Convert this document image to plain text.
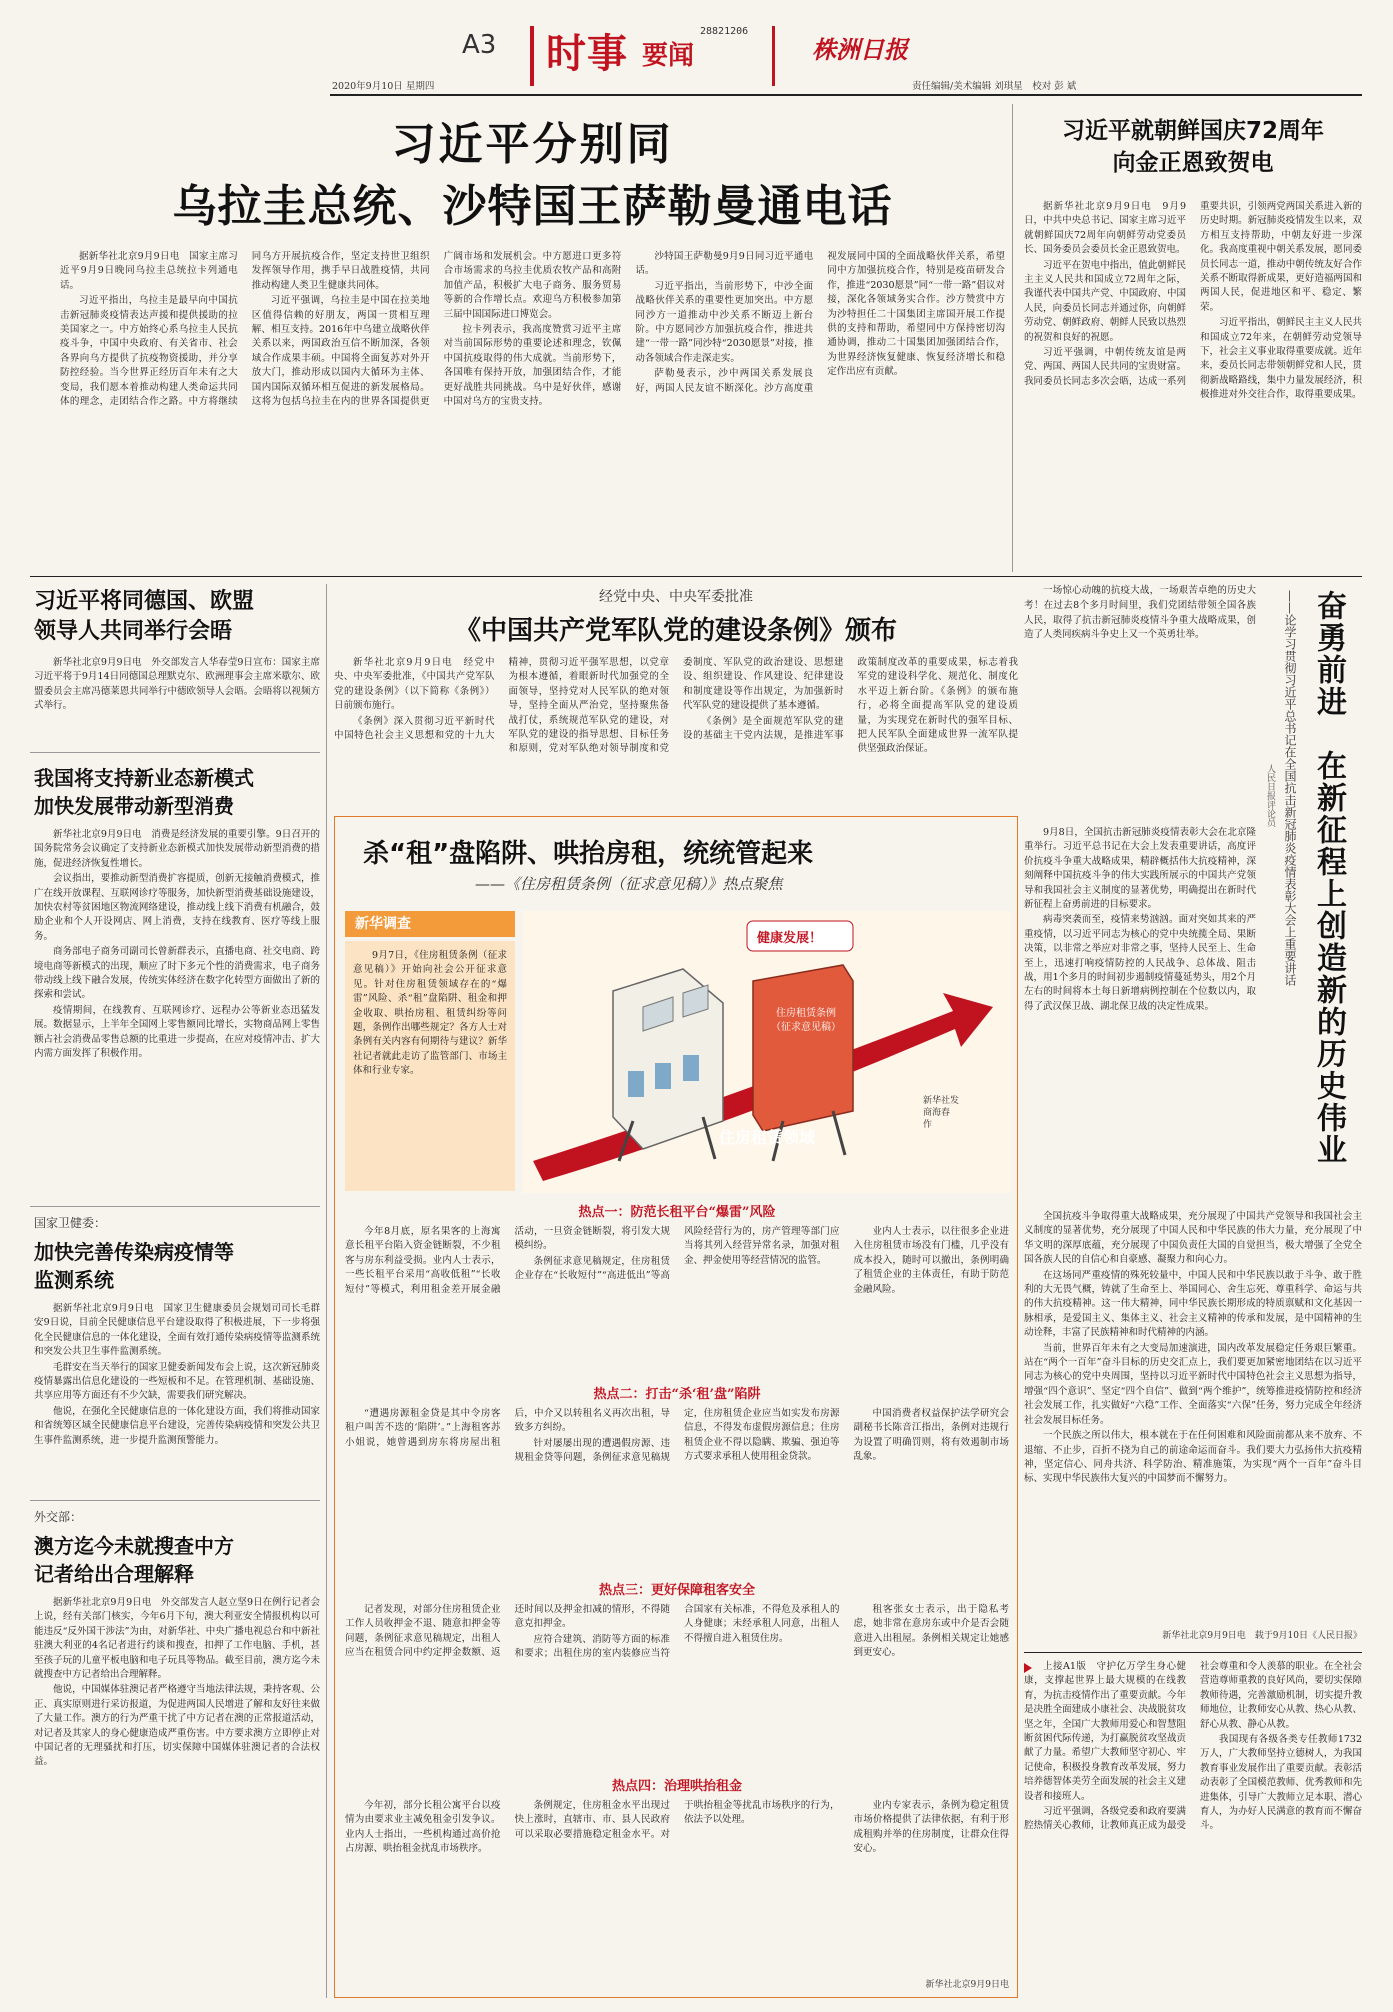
A3 时事 要闻
28821206
株洲日报
2020年9月10日 星期四	责任编辑/美术编辑 刘琪星　校对 彭 斌
习近平分别同
乌拉圭总统、沙特国王萨勒曼通电话

据新华社北京9月9日电　国家主席习近平9月9日晚同乌拉圭总统拉卡列通电话。

习近平指出，乌拉圭是最早向中国抗击新冠肺炎疫情表达声援和提供援助的拉美国家之一。中方始终心系乌拉圭人民抗疫斗争，中国中央政府、有关省市、社会各界向乌方提供了抗疫物资援助，并分享防控经验。当今世界正经历百年未有之大变局，我们愿本着推动构建人类命运共同体的理念，走团结合作之路。中方将继续同乌方开展抗疫合作，坚定支持世卫组织发挥领导作用，携手早日战胜疫情，共同推动构建人类卫生健康共同体。

习近平强调，乌拉圭是中国在拉美地区值得信赖的好朋友，两国一贯相互理解、相互支持。2016年中乌建立战略伙伴关系以来，两国政治互信不断加深，各领域合作成果丰硕。中国将全面复苏对外开放大门，推动形成以国内大循环为主体、国内国际双循环相互促进的新发展格局。这将为包括乌拉圭在内的世界各国提供更广阔市场和发展机会。中方愿进口更多符合市场需求的乌拉圭优质农牧产品和高附加值产品，积极扩大电子商务、服务贸易等新的合作增长点。欢迎乌方积极参加第三届中国国际进口博览会。

拉卡列表示，我高度赞赏习近平主席对当前国际形势的重要论述和理念，钦佩中国抗疫取得的伟大成就。当前形势下，各国唯有保持开放，加强团结合作，才能更好战胜共同挑战。乌中是好伙伴，感谢中国对乌方的宝贵支持。

沙特国王萨勒曼9月9日同习近平通电话。

习近平指出，当前形势下，中沙全面战略伙伴关系的重要性更加突出。中方愿同沙方一道推动中沙关系不断迈上新台阶。中方愿同沙方加强抗疫合作，推进共建“一带一路”同沙特“2030愿景”对接，推动各领域合作走深走实。

萨勒曼表示，沙中两国关系发展良好，两国人民友谊不断深化。沙方高度重视发展同中国的全面战略伙伴关系，希望同中方加强抗疫合作，特别是疫苗研发合作，推进“2030愿景”同“一带一路”倡议对接，深化各领域务实合作。沙方赞赏中方为沙特担任二十国集团主席国开展工作提供的支持和帮助，希望同中方保持密切沟通协调，推动二十国集团加强团结合作，为世界经济恢复健康、恢复经济增长和稳定作出应有贡献。

习近平就朝鲜国庆72周年
向金正恩致贺电

据新华社北京9月9日电　9月9日，中共中央总书记、国家主席习近平就朝鲜国庆72周年向朝鲜劳动党委员长、国务委员会委员长金正恩致贺电。

习近平在贺电中指出，值此朝鲜民主主义人民共和国成立72周年之际，我谨代表中国共产党、中国政府、中国人民，向委员长同志并通过你，向朝鲜劳动党、朝鲜政府、朝鲜人民致以热烈的祝贺和良好的祝愿。

习近平强调，中朝传统友谊是两党、两国、两国人民共同的宝贵财富。我同委员长同志多次会晤，达成一系列重要共识，引领两党两国关系进入新的历史时期。新冠肺炎疫情发生以来，双方相互支持帮助，中朝友好进一步深化。我高度重视中朝关系发展，愿同委员长同志一道，推动中朝传统友好合作关系不断取得新成果，更好造福两国和两国人民，促进地区和平、稳定、繁荣。

习近平指出，朝鲜民主主义人民共和国成立72年来，在朝鲜劳动党领导下，社会主义事业取得重要成就。近年来，委员长同志带领朝鲜党和人民，贯彻新战略路线，集中力量发展经济，积极推进对外交往合作，取得重要成果。

习近平将同德国、欧盟
领导人共同举行会晤

新华社北京9月9日电　外交部发言人华春莹9日宣布：国家主席习近平将于9月14日同德国总理默克尔、欧洲理事会主席米歇尔、欧盟委员会主席冯德莱恩共同举行中德欧领导人会晤。会晤将以视频方式举行。

我国将支持新业态新模式
加快发展带动新型消费

新华社北京9月9日电　消费是经济发展的重要引擎。9日召开的国务院常务会议确定了支持新业态新模式加快发展带动新型消费的措施，促进经济恢复性增长。

会议指出，要推动新型消费扩容提质，创新无接触消费模式，推广在线开放课程、互联网诊疗等服务，加快新型消费基础设施建设，加快农村等贫困地区物流网络建设，推动线上线下消费有机融合，鼓励企业和个人开设网店、网上消费，支持在线教育、医疗等线上服务。

商务部电子商务司副司长曾新群表示，直播电商、社交电商、跨境电商等新模式的出现，顺应了时下多元个性的消费需求，电子商务带动线上线下融合发展，传统实体经济在数字化转型方面做出了新的探索和尝试。

疫情期间，在线教育、互联网诊疗、远程办公等新业态迅猛发展。数据显示，上半年全国网上零售额同比增长，实物商品网上零售额占社会消费品零售总额的比重进一步提高，在应对疫情冲击、扩大内需方面发挥了积极作用。

国家卫健委：
加快完善传染病疫情等
监测系统

据新华社北京9月9日电　国家卫生健康委员会规划司司长毛群安9日说，目前全民健康信息平台建设取得了积极进展，下一步将强化全民健康信息的一体化建设，全面有效打通传染病疫情等监测系统和突发公共卫生事件监测系统。

毛群安在当天举行的国家卫健委新闻发布会上说，这次新冠肺炎疫情暴露出信息化建设的一些短板和不足。在管理机制、基础设施、共享应用等方面还有不少欠缺，需要我们研究解决。

他说，在强化全民健康信息的一体化建设方面，我们将推动国家和省统筹区域全民健康信息平台建设，完善传染病疫情和突发公共卫生事件监测系统，进一步提升监测预警能力。

外交部：
澳方迄今未就搜查中方
记者给出合理解释

据新华社北京9月9日电　外交部发言人赵立坚9日在例行记者会上说，经有关部门核实，今年6月下旬，澳大利亚安全情报机构以可能违反“反外国干涉法”为由，对新华社、中央广播电视总台和中新社驻澳大利亚的4名记者进行约谈和搜查，扣押了工作电脑、手机，甚至孩子玩的儿童平板电脑和电子玩具等物品。截至目前，澳方迄今未就搜查中方记者给出合理解释。

他说，中国媒体驻澳记者严格遵守当地法律法规，秉持客观、公正、真实原则进行采访报道，为促进两国人民增进了解和友好往来做了大量工作。澳方的行为严重干扰了中方记者在澳的正常报道活动，对记者及其家人的身心健康造成严重伤害。中方要求澳方立即停止对中国记者的无理骚扰和打压，切实保障中国媒体驻澳记者的合法权益。

经党中央、中央军委批准
《中国共产党军队党的建设条例》颁布

新华社北京9月9日电　经党中央、中央军委批准，《中国共产党军队党的建设条例》（以下简称《条例》）日前颁布施行。

《条例》深入贯彻习近平新时代中国特色社会主义思想和党的十九大精神，贯彻习近平强军思想，以党章为根本遵循，着眼新时代加强党的全面领导，坚持党对人民军队的绝对领导，坚持全面从严治党，坚持聚焦备战打仗，系统规范军队党的建设，对军队党的建设的指导思想、目标任务和原则，党对军队绝对领导制度和党委制度、军队党的政治建设、思想建设、组织建设、作风建设、纪律建设和制度建设等作出规定，为加强新时代军队党的建设提供了基本遵循。

《条例》是全面规范军队党的建设的基础主干党内法规，是推进军事政策制度改革的重要成果，标志着我军党的建设科学化、规范化、制度化水平迈上新台阶。《条例》的颁布施行，必将全面提高军队党的建设质量，为实现党在新时代的强军目标、把人民军队全面建成世界一流军队提供坚强政治保证。

杀“租”盘陷阱、哄抬房租，统统管起来
——《住房租赁条例（征求意见稿）》热点聚焦
新华调查

9月7日，《住房租赁条例（征求意见稿）》开始向社会公开征求意见。针对住房租赁领域存在的“爆雷”风险、杀“租”盘陷阱、租金和押金收取、哄抬房租、租赁纠纷等问题，条例作出哪些规定？各方人士对条例有关内容有何期待与建议？新华社记者就此走访了监管部门、市场主体和行业专家。

健康发展！
住房租赁条例（征求意见稿）
住房租赁领域
新华社发 商海春 作
热点一：防范长租平台“爆雷”风险

今年8月底，原名果客的上海寓意长租平台陷入资金链断裂，不少租客与房东利益受损。业内人士表示，一些长租平台采用“高收低租”“长收短付”等模式，利用租金差开展金融活动，一旦资金链断裂，将引发大规模纠纷。

条例征求意见稿规定，住房租赁企业存在“长收短付”“高进低出”等高风险经营行为的，房产管理等部门应当将其列入经营异常名录，加强对租金、押金使用等经营情况的监管。

业内人士表示，以往很多企业进入住房租赁市场没有门槛，几乎没有成本投入，随时可以撤出，条例明确了租赁企业的主体责任，有助于防范金融风险。

热点二：打击“杀‘租’盘”陷阱

“遭遇房源租金贷是其中令房客租户叫苦不迭的‘陷阱’。”上海租客苏小姐说，她曾遇到房东将房屋出租后，中介又以转租名义再次出租，导致多方纠纷。

针对屡屡出现的遭遇假房源、违规租金贷等问题，条例征求意见稿规定，住房租赁企业应当如实发布房源信息，不得发布虚假房源信息；住房租赁企业不得以隐瞒、欺骗、强迫等方式要求承租人使用租金贷款。

中国消费者权益保护法学研究会副秘书长陈音江指出，条例对违规行为设置了明确罚则，将有效遏制市场乱象。

热点三：更好保障租客安全

记者发现，对部分住房租赁企业工作人员收押金不退、随意扣押金等问题，条例征求意见稿规定，出租人应当在租赁合同中约定押金数额、返还时间以及押金扣减的情形，不得随意克扣押金。

应符合建筑、消防等方面的标准和要求；出租住房的室内装修应当符合国家有关标准，不得危及承租人的人身健康；未经承租人同意，出租人不得擅自进入租赁住房。

租客张女士表示，出于隐私考虑，她非常在意房东或中介是否会随意进入出租屋。条例相关规定让她感到更安心。

热点四：治理哄抬租金

今年初，部分长租公寓平台以疫情为由要求业主减免租金引发争议。业内人士指出，一些机构通过高价抢占房源、哄抬租金扰乱市场秩序。

条例规定，住房租金水平出现过快上涨时，直辖市、市、县人民政府可以采取必要措施稳定租金水平。对于哄抬租金等扰乱市场秩序的行为，依法予以处理。

业内专家表示，条例为稳定租赁市场价格提供了法律依据，有利于形成租购并举的住房制度，让群众住得安心。

新华社北京9月9日电

一场惊心动魄的抗疫大战，一场艰苦卓绝的历史大考！在过去8个多月时间里，我们党团结带领全国各族人民，取得了抗击新冠肺炎疫情斗争重大战略成果，创造了人类同疾病斗争史上又一个英勇壮举。	奋勇前进　在新征程上创造新的历史伟业
——论学习贯彻习近平总书记在全国抗击新冠肺炎疫情表彰大会上重要讲话
人民日报评论员

9月8日，全国抗击新冠肺炎疫情表彰大会在北京隆重举行。习近平总书记在大会上发表重要讲话，高度评价抗疫斗争重大战略成果，精辟概括伟大抗疫精神，深刻阐释中国抗疫斗争的伟大实践所展示的中国共产党领导和我国社会主义制度的显著优势，明确提出在新时代新征程上奋勇前进的目标要求。

病毒突袭而至，疫情来势汹汹。面对突如其来的严重疫情，以习近平同志为核心的党中央统揽全局、果断决策，以非常之举应对非常之事，坚持人民至上、生命至上，迅速打响疫情防控的人民战争、总体战、阻击战，用1个多月的时间初步遏制疫情蔓延势头，用2个月左右的时间将本土每日新增病例控制在个位数以内，取得了武汉保卫战、湖北保卫战的决定性成果。

全国抗疫斗争取得重大战略成果，充分展现了中国共产党领导和我国社会主义制度的显著优势，充分展现了中国人民和中华民族的伟大力量，充分展现了中华文明的深厚底蕴，充分展现了中国负责任大国的自觉担当，极大增强了全党全国各族人民的自信心和自豪感、凝聚力和向心力。

在这场同严重疫情的殊死较量中，中国人民和中华民族以敢于斗争、敢于胜利的大无畏气概，铸就了生命至上、举国同心、舍生忘死、尊重科学、命运与共的伟大抗疫精神。这一伟大精神，同中华民族长期形成的特质禀赋和文化基因一脉相承，是爱国主义、集体主义、社会主义精神的传承和发展，是中国精神的生动诠释，丰富了民族精神和时代精神的内涵。

当前，世界百年未有之大变局加速演进，国内改革发展稳定任务艰巨繁重。站在“两个一百年”奋斗目标的历史交汇点上，我们要更加紧密地团结在以习近平同志为核心的党中央周围，坚持以习近平新时代中国特色社会主义思想为指导，增强“四个意识”、坚定“四个自信”、做到“两个维护”，统筹推进疫情防控和经济社会发展工作，扎实做好“六稳”工作、全面落实“六保”任务，努力完成全年经济社会发展目标任务。

一个民族之所以伟大，根本就在于在任何困难和风险面前都从来不放弃、不退缩、不止步，百折不挠为自己的前途命运而奋斗。我们要大力弘扬伟大抗疫精神，坚定信心、同舟共济、科学防治、精准施策，为实现“两个一百年”奋斗目标、实现中华民族伟大复兴的中国梦而不懈努力。

新华社北京9月9日电　载于9月10日《人民日报》

上接A1版　守护亿万学生身心健康，支撑起世界上最大规模的在线教育，为抗击疫情作出了重要贡献。今年是决胜全面建成小康社会、决战脱贫攻坚之年，全国广大教师用爱心和智慧阻断贫困代际传递，为打赢脱贫攻坚战贡献了力量。希望广大教师坚守初心、牢记使命，积极投身教育改革发展，努力培养德智体美劳全面发展的社会主义建设者和接班人。

习近平强调，各级党委和政府要满腔热情关心教师，让教师真正成为最受社会尊重和令人羡慕的职业。在全社会营造尊师重教的良好风尚，要切实保障教师待遇，完善激励机制，切实提升教师地位，让教师安心从教、热心从教、舒心从教、静心从教。

我国现有各级各类专任教师1732万人，广大教师坚持立德树人，为我国教育事业发展作出了重要贡献。表彰活动表彰了全国模范教师、优秀教师和先进集体，引导广大教师立足本职、潜心育人，为办好人民满意的教育而不懈奋斗。
